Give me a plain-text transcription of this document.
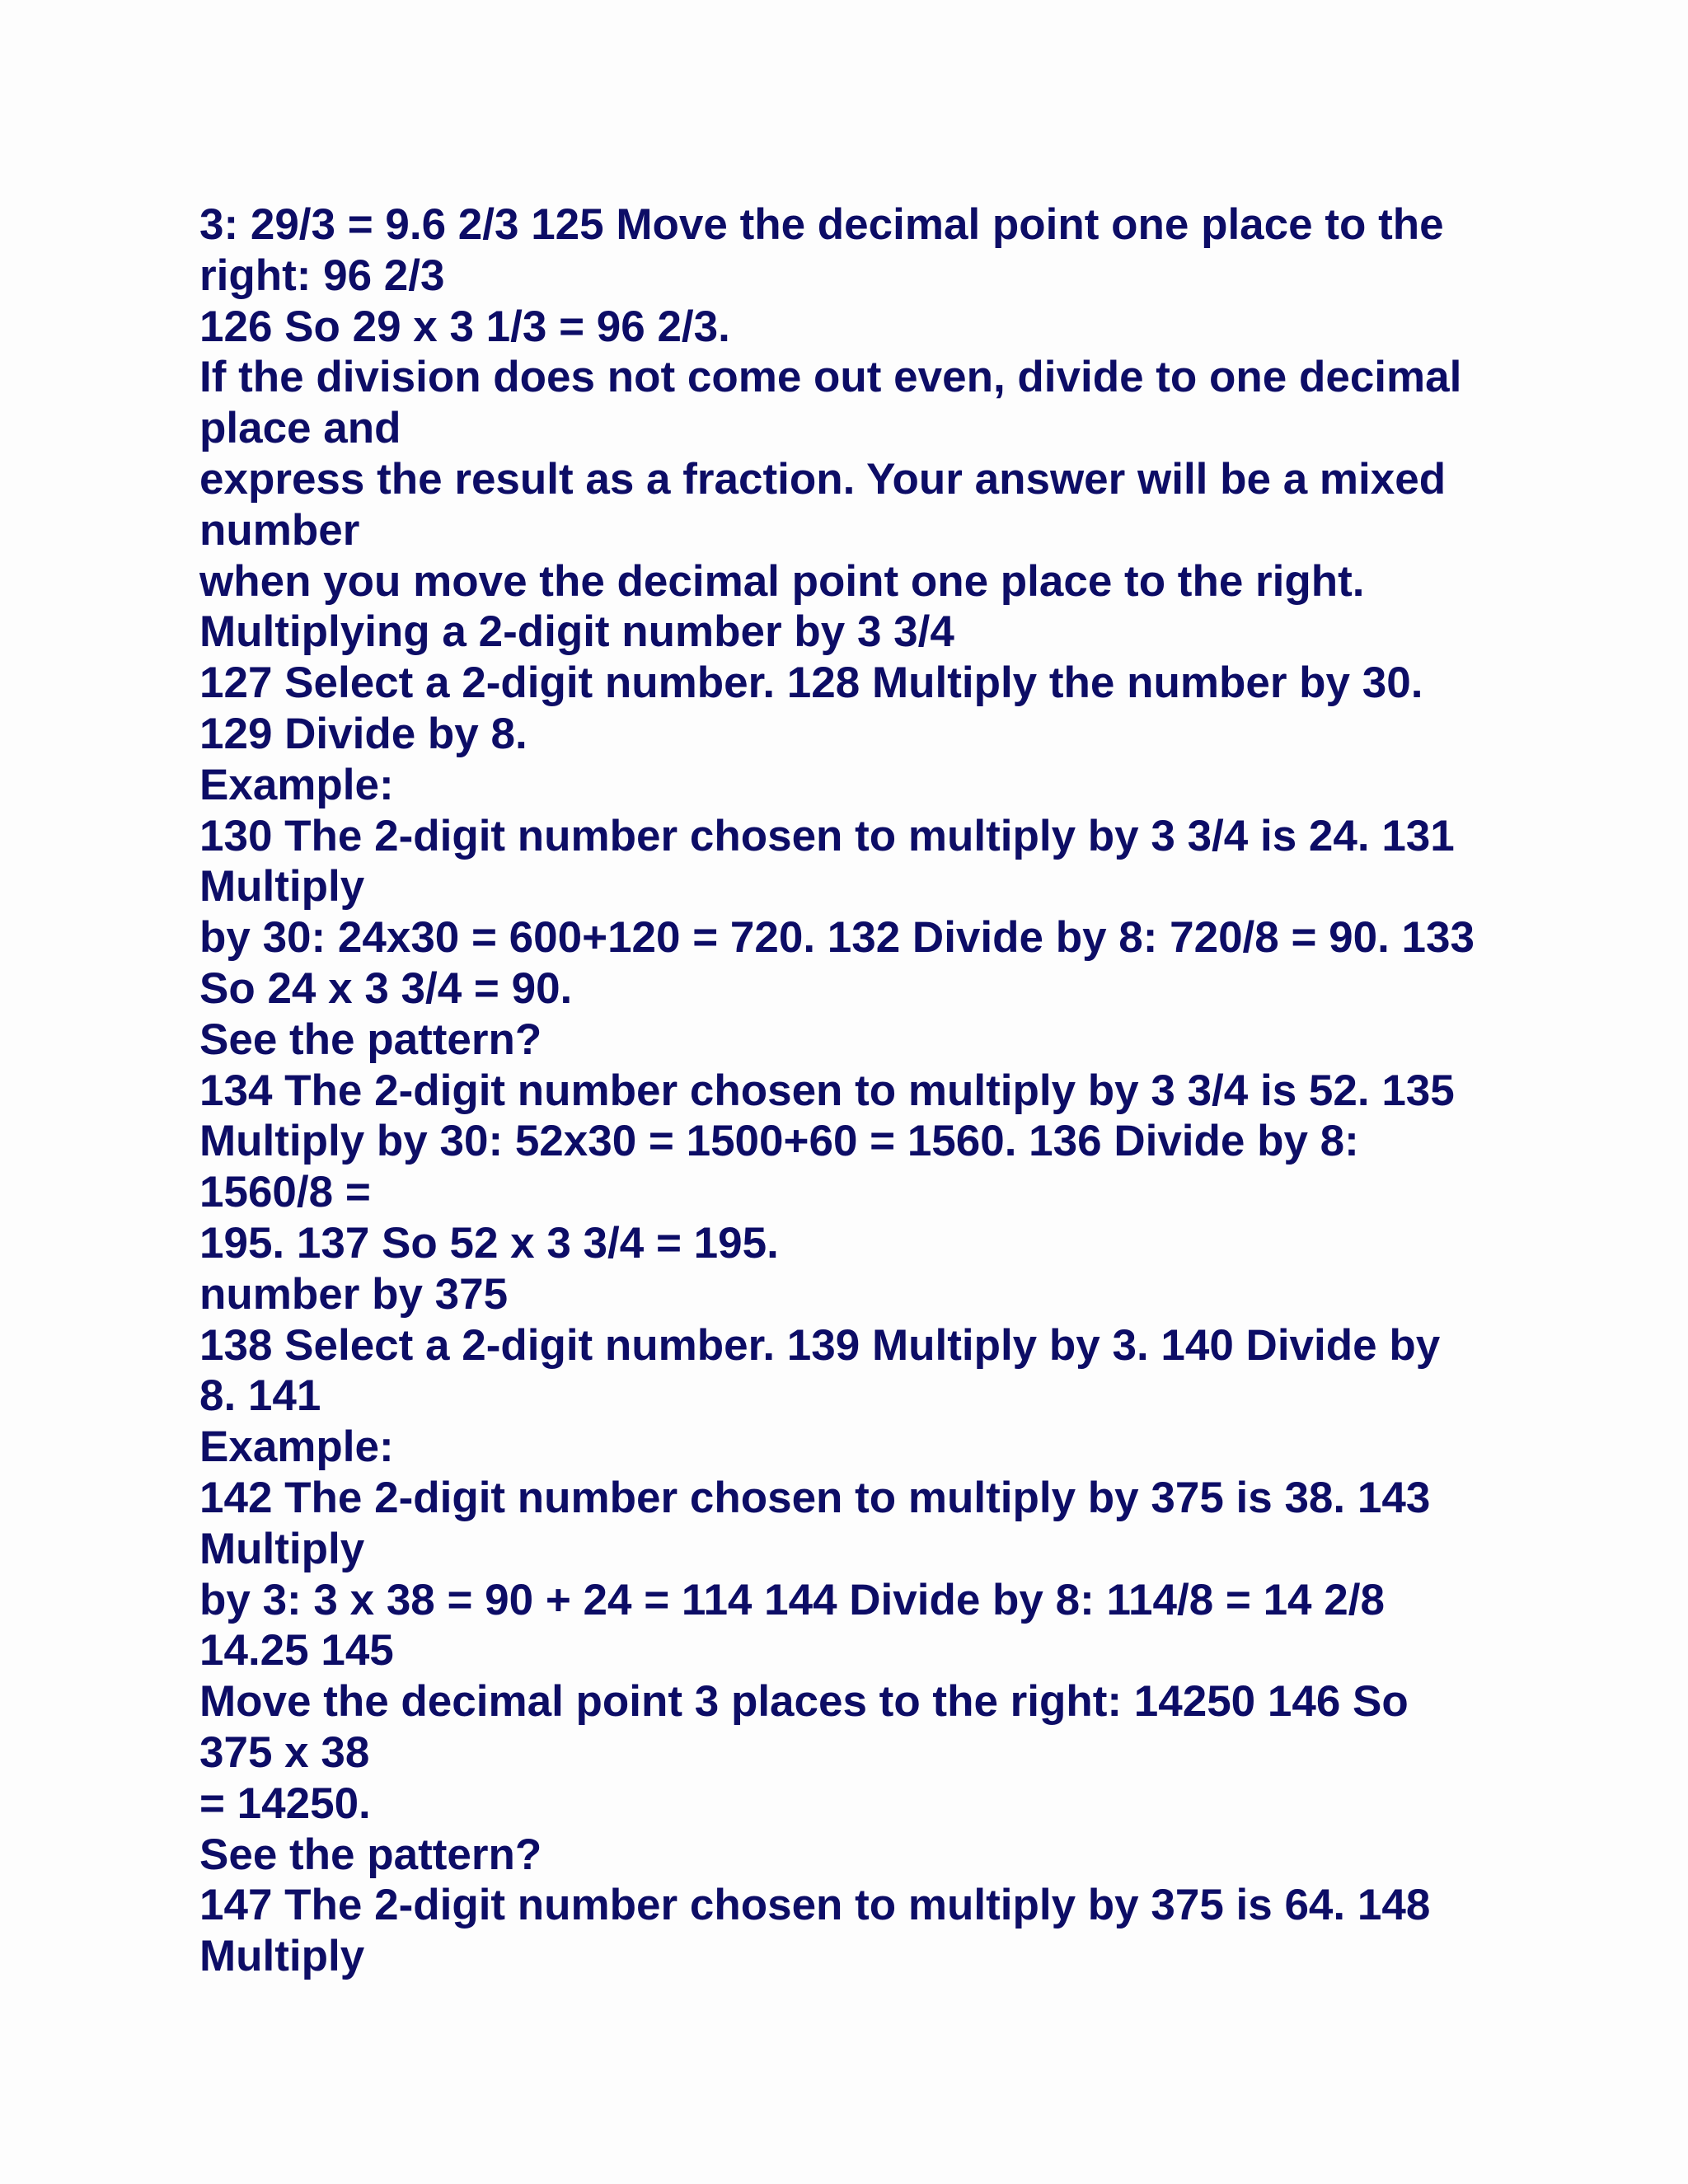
3: 29/3 = 9.6 2/3 125 Move the decimal point one place to the
right: 96 2/3
126 So 29 x 3 1/3 = 96 2/3.
If the division does not come out even, divide to one decimal
place and
express the result as a fraction. Your answer will be a mixed
number
when you move the decimal point one place to the right.
Multiplying a 2-digit number by 3 3/4
127 Select a 2-digit number. 128 Multiply the number by 30.
129 Divide by 8.
Example:
130 The 2-digit number chosen to multiply by 3 3/4 is 24. 131
Multiply
by 30: 24x30 = 600+120 = 720. 132 Divide by 8: 720/8 = 90. 133
So 24 x 3 3/4 = 90.
See the pattern?
134 The 2-digit number chosen to multiply by 3 3/4 is 52. 135
Multiply by 30: 52x30 = 1500+60 = 1560. 136 Divide by 8:
1560/8 =
195. 137 So 52 x 3 3/4 = 195.
number by 375
138 Select a 2-digit number. 139 Multiply by 3. 140 Divide by
8. 141
Example:
142 The 2-digit number chosen to multiply by 375 is 38. 143
Multiply
by 3: 3 x 38 = 90 + 24 = 114 144 Divide by 8: 114/8 = 14 2/8
14.25 145
Move the decimal point 3 places to the right: 14250 146 So
375 x 38
= 14250.
See the pattern?
147 The 2-digit number chosen to multiply by 375 is 64. 148
Multiply
